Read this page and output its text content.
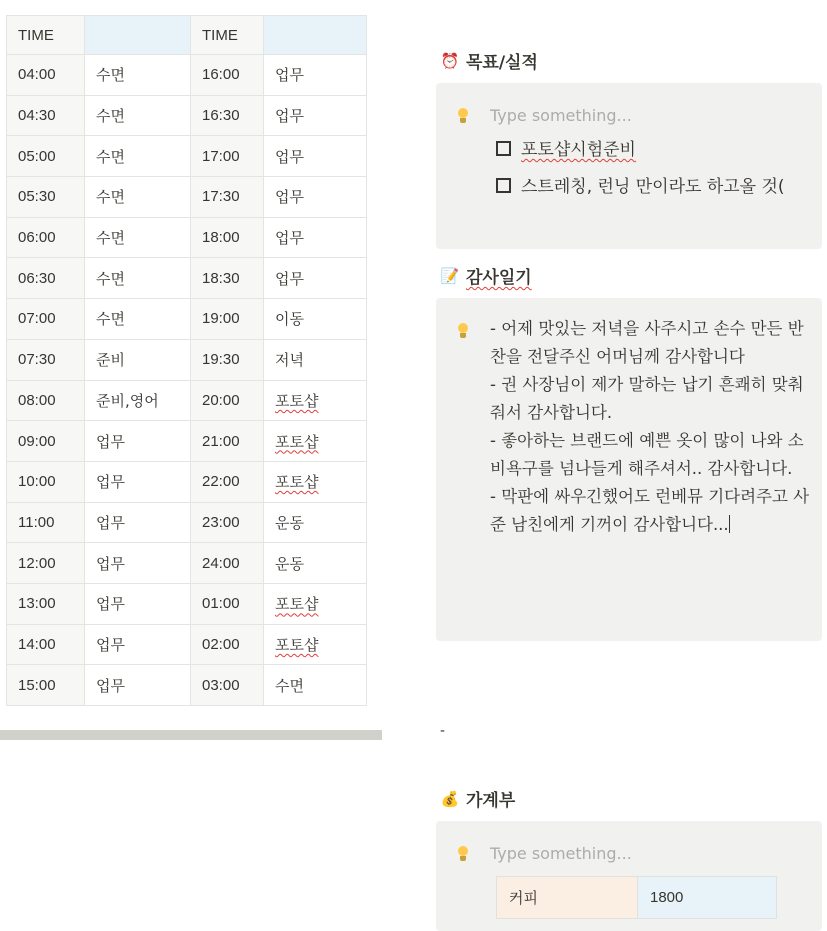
TIME		TIME	
04:00	수면	16:00	업무
04:30	수면	16:30	업무
05:00	수면	17:00	업무
05:30	수면	17:30	업무
06:00	수면	18:00	업무
06:30	수면	18:30	업무
07:00	수면	19:00	이동
07:30	준비	19:30	저녁
08:00	준비,영어	20:00	포토샵
09:00	업무	21:00	포토샵
10:00	업무	22:00	포토샵
11:00	업무	23:00	운동
12:00	업무	24:00	운동
13:00	업무	01:00	포토샵
14:00	업무	02:00	포토샵
15:00	업무	03:00	수면
⏰ 목표/실적
Type something...
포토샵시험준비
스트레칭, 런닝 만이라도 하고올 것(
📝 감사일기
- 어제 맛있는 저녁을 사주시고 손수 만든 반찬을 전달주신 어머님께 감사합니다
- 권 사장님이 제가 말하는 납기 흔쾌히 맞춰줘서 감사합니다.
- 좋아하는 브랜드에 예쁜 옷이 많이 나와 소비욕구를 넘나들게 해주셔서.. 감사합니다.
- 막판에 싸우긴했어도 런베뮤 기다려주고 사준 남친에게 기꺼이 감사합니다...
-
💰 가계부
Type something...
커피	1800
